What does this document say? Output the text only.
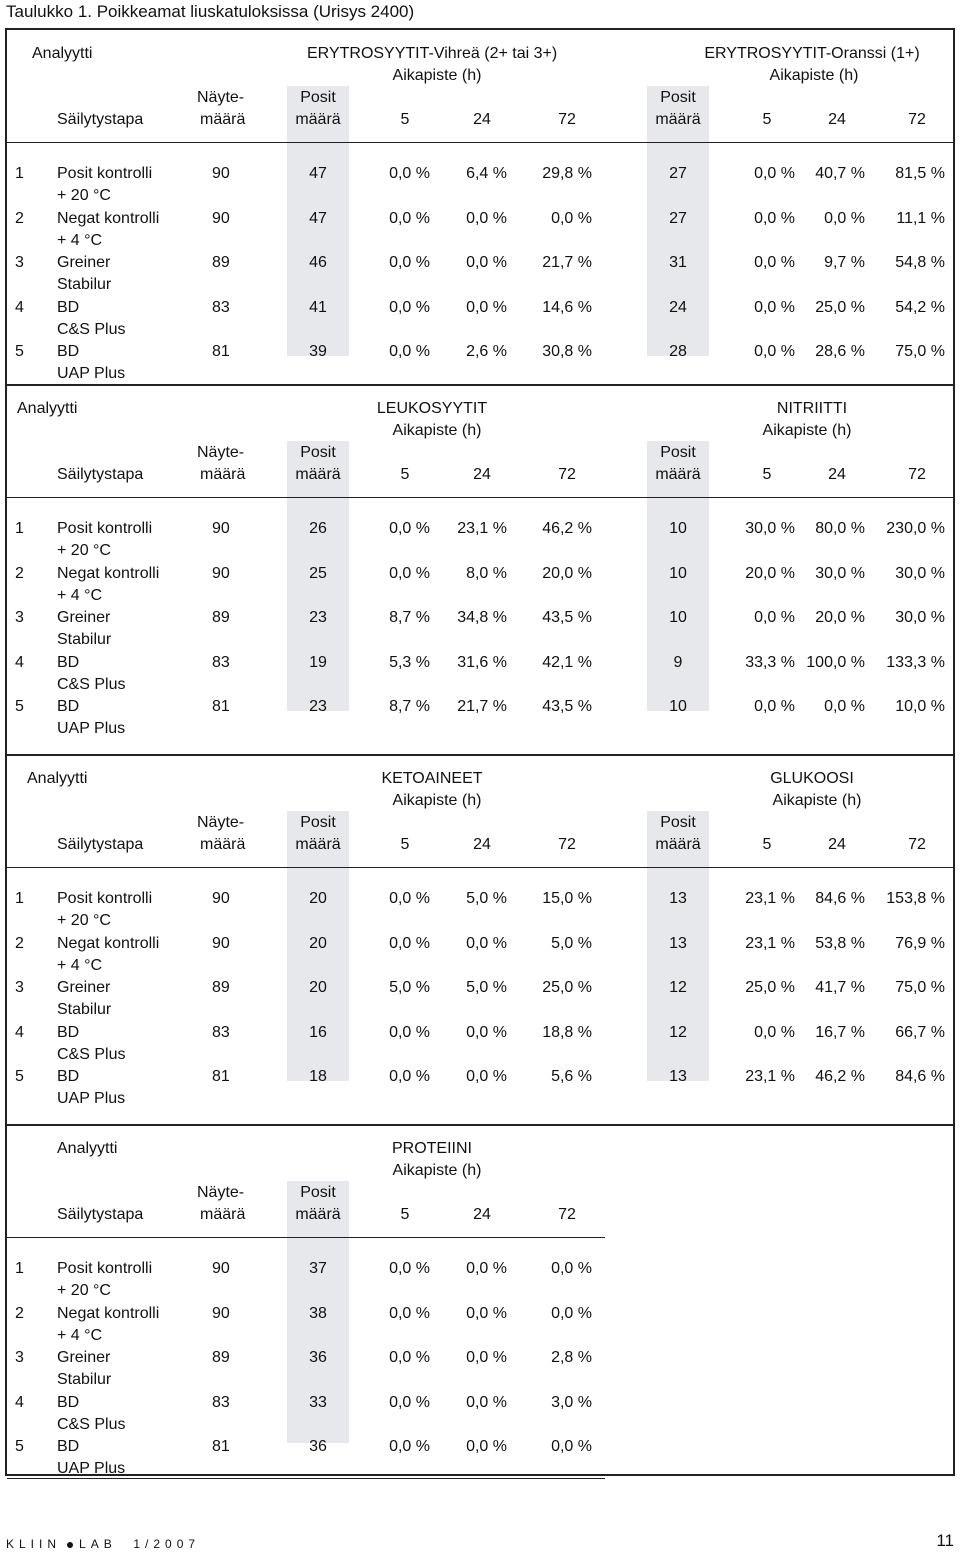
Taulukko 1. Poikkeamat liuskatuloksissa (Urisys 2400)
Analyytti	ERYTROSYYTIT-Vihreä (2+ tai 3+)
Aikapiste (h)
ERYTROSYYTIT-Oranssi (1+)
Aikapiste (h)
Näyte-
määrä
Säilytystapa
Posit
määrä	5	24	72
Posit
määrä	5	24	72
1 Posit kontrolli
+ 20 °C
90	47	0,0 %	6,4 %	29,8 %	27	0,0 %	40,7 %	81,5 %
2 Negat kontrolli
+ 4 °C
90	47	0,0 %	0,0 %	0,0 %	27	0,0 %	0,0 %	11,1 %
3 Greiner
Stabilur
89	46	0,0 %	0,0 %	21,7 %	31	0,0 %	9,7 %	54,8 %
4 BD
C&S Plus
83	41	0,0 %	0,0 %	14,6 %	24	0,0 %	25,0 %	54,2 %
5 BD
UAP Plus
81	39	0,0 %	2,6 %	30,8 %	28	0,0 %	28,6 %	75,0 %
Analyytti	LEUKOSYYTIT
Aikapiste (h)
NITRIITTI
Aikapiste (h)
Näyte-
määrä
Säilytystapa
Posit
määrä	5	24	72
Posit
määrä	5	24	72
1 Posit kontrolli
+ 20 °C
90	26	0,0 %	23,1 %	46,2 %	10	30,0 %	80,0 %	230,0 %
2 Negat kontrolli
+ 4 °C
90	25	0,0 %	8,0 %	20,0 %	10	20,0 %	30,0 %	30,0 %
3 Greiner
Stabilur
89	23	8,7 %	34,8 %	43,5 %	10	0,0 %	20,0 %	30,0 %
4 BD
C&S Plus
83	19	5,3 %	31,6 %	42,1 %	9	33,3 % 100,0 %	133,3 %
5 BD
UAP Plus
81	23	8,7 %	21,7 %	43,5 %	10	0,0 %	0,0 %	10,0 %
Analyytti	KETOAINEET
Aikapiste (h)
GLUKOOSI
Aikapiste (h)
Näyte-
määrä
Säilytystapa
Posit
määrä	5	24	72
Posit
määrä	5	24	72
1 Posit kontrolli
+ 20 °C
90	20	0,0 %	5,0 %	15,0 %	13	23,1 %	84,6 %	153,8 %
2 Negat kontrolli
+ 4 °C
90	20	0,0 %	0,0 %	5,0 %	13	23,1 %	53,8 %	76,9 %
3 Greiner
Stabilur
89	20	5,0 %	5,0 %	25,0 %	12	25,0 %	41,7 %	75,0 %
4 BD
C&S Plus
83	16	0,0 %	0,0 %	18,8 %	12	0,0 %	16,7 %	66,7 %
5 BD
UAP Plus
81	18	0,0 %	0,0 %	5,6 %	13	23,1 %	46,2 %	84,6 %
Analyytti	PROTEIINI
Aikapiste (h)
Näyte-
määrä
Säilytystapa
Posit
määrä	5	24	72
1 Posit kontrolli
+ 20 °C
90	37	0,0 %	0,0 %	0,0 %
2 Negat kontrolli
+ 4 °C
90	38	0,0 %	0,0 %	0,0 %
3 Greiner
Stabilur
89	36	0,0 %	0,0 %	2,8 %
4 BD
C&S Plus
83	33	0,0 %	0,0 %	3,0 %
5 BD
UAP Plus
81	36	0,0 %	0,0 %	0,0 %
KLIIN LAB 1/2007	11
